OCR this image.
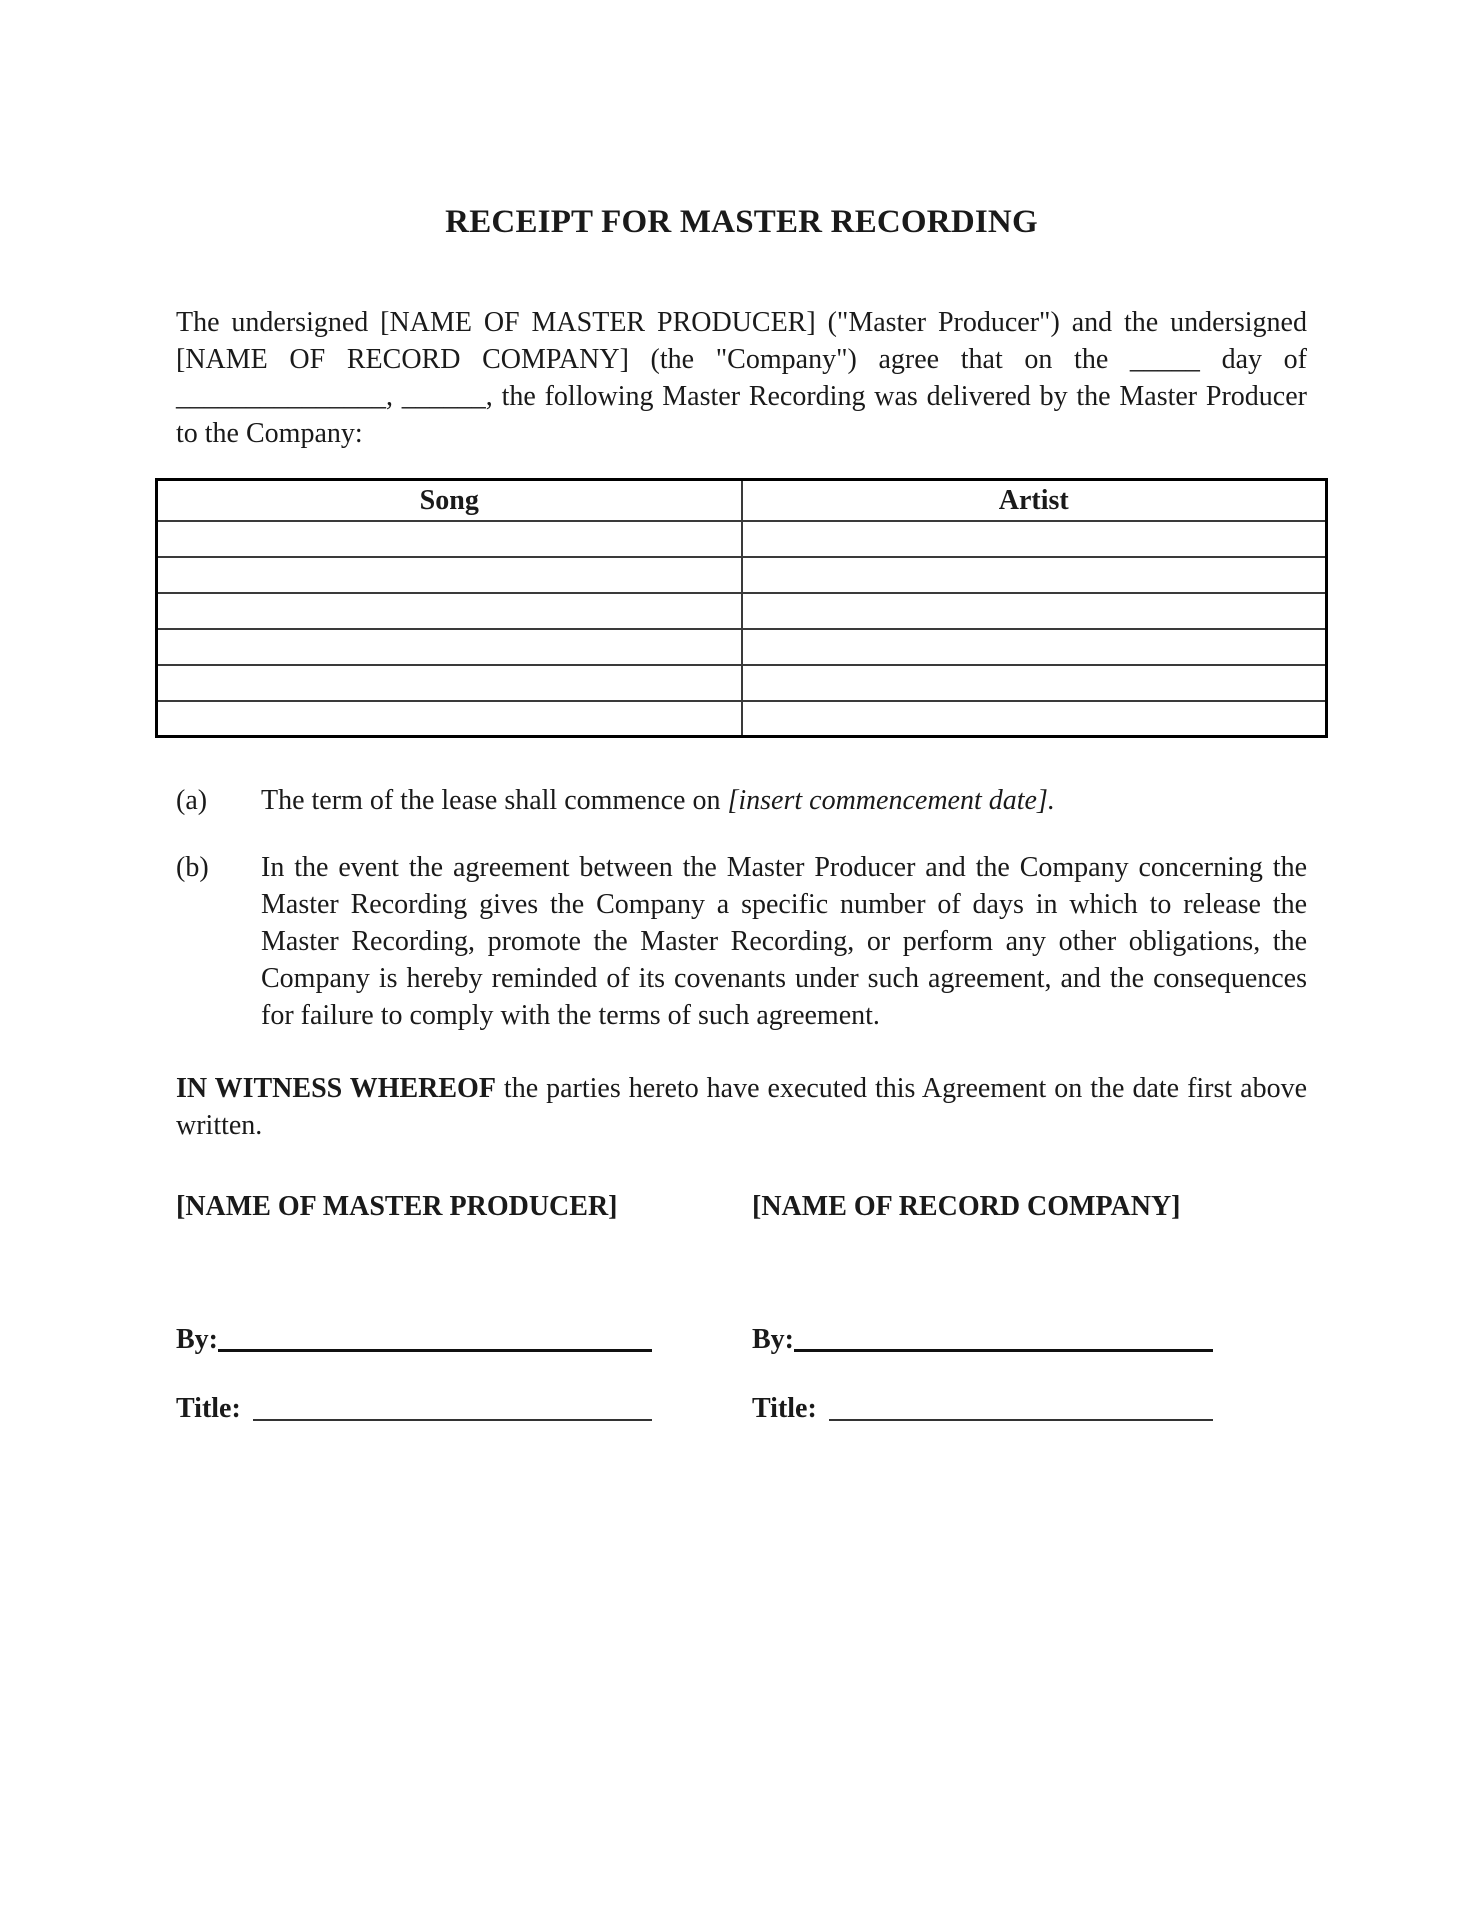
RECEIPT FOR MASTER RECORDING

The undersigned [NAME OF MASTER PRODUCER] ("Master Producer") and the undersigned [NAME OF RECORD COMPANY] (the "Company") agree that on the _____ day of _______________, ______, the following Master Recording was delivered by the Master Producer to the Company:

Song	Artist

(a)	The term of the lease shall commence on [insert commencement date].
(b)	In the event the agreement between the Master Producer and the Company concerning the Master Recording gives the Company a specific number of days in which to release the Master Recording, promote the Master Recording, or perform any other obligations, the Company is hereby reminded of its covenants under such agreement, and the consequences for failure to comply with the terms of such agreement.

IN WITNESS WHEREOF the parties hereto have executed this Agreement on the date first above written.

[NAME OF MASTER PRODUCER]	[NAME OF RECORD COMPANY]
By:	By:
Title:	Title:
